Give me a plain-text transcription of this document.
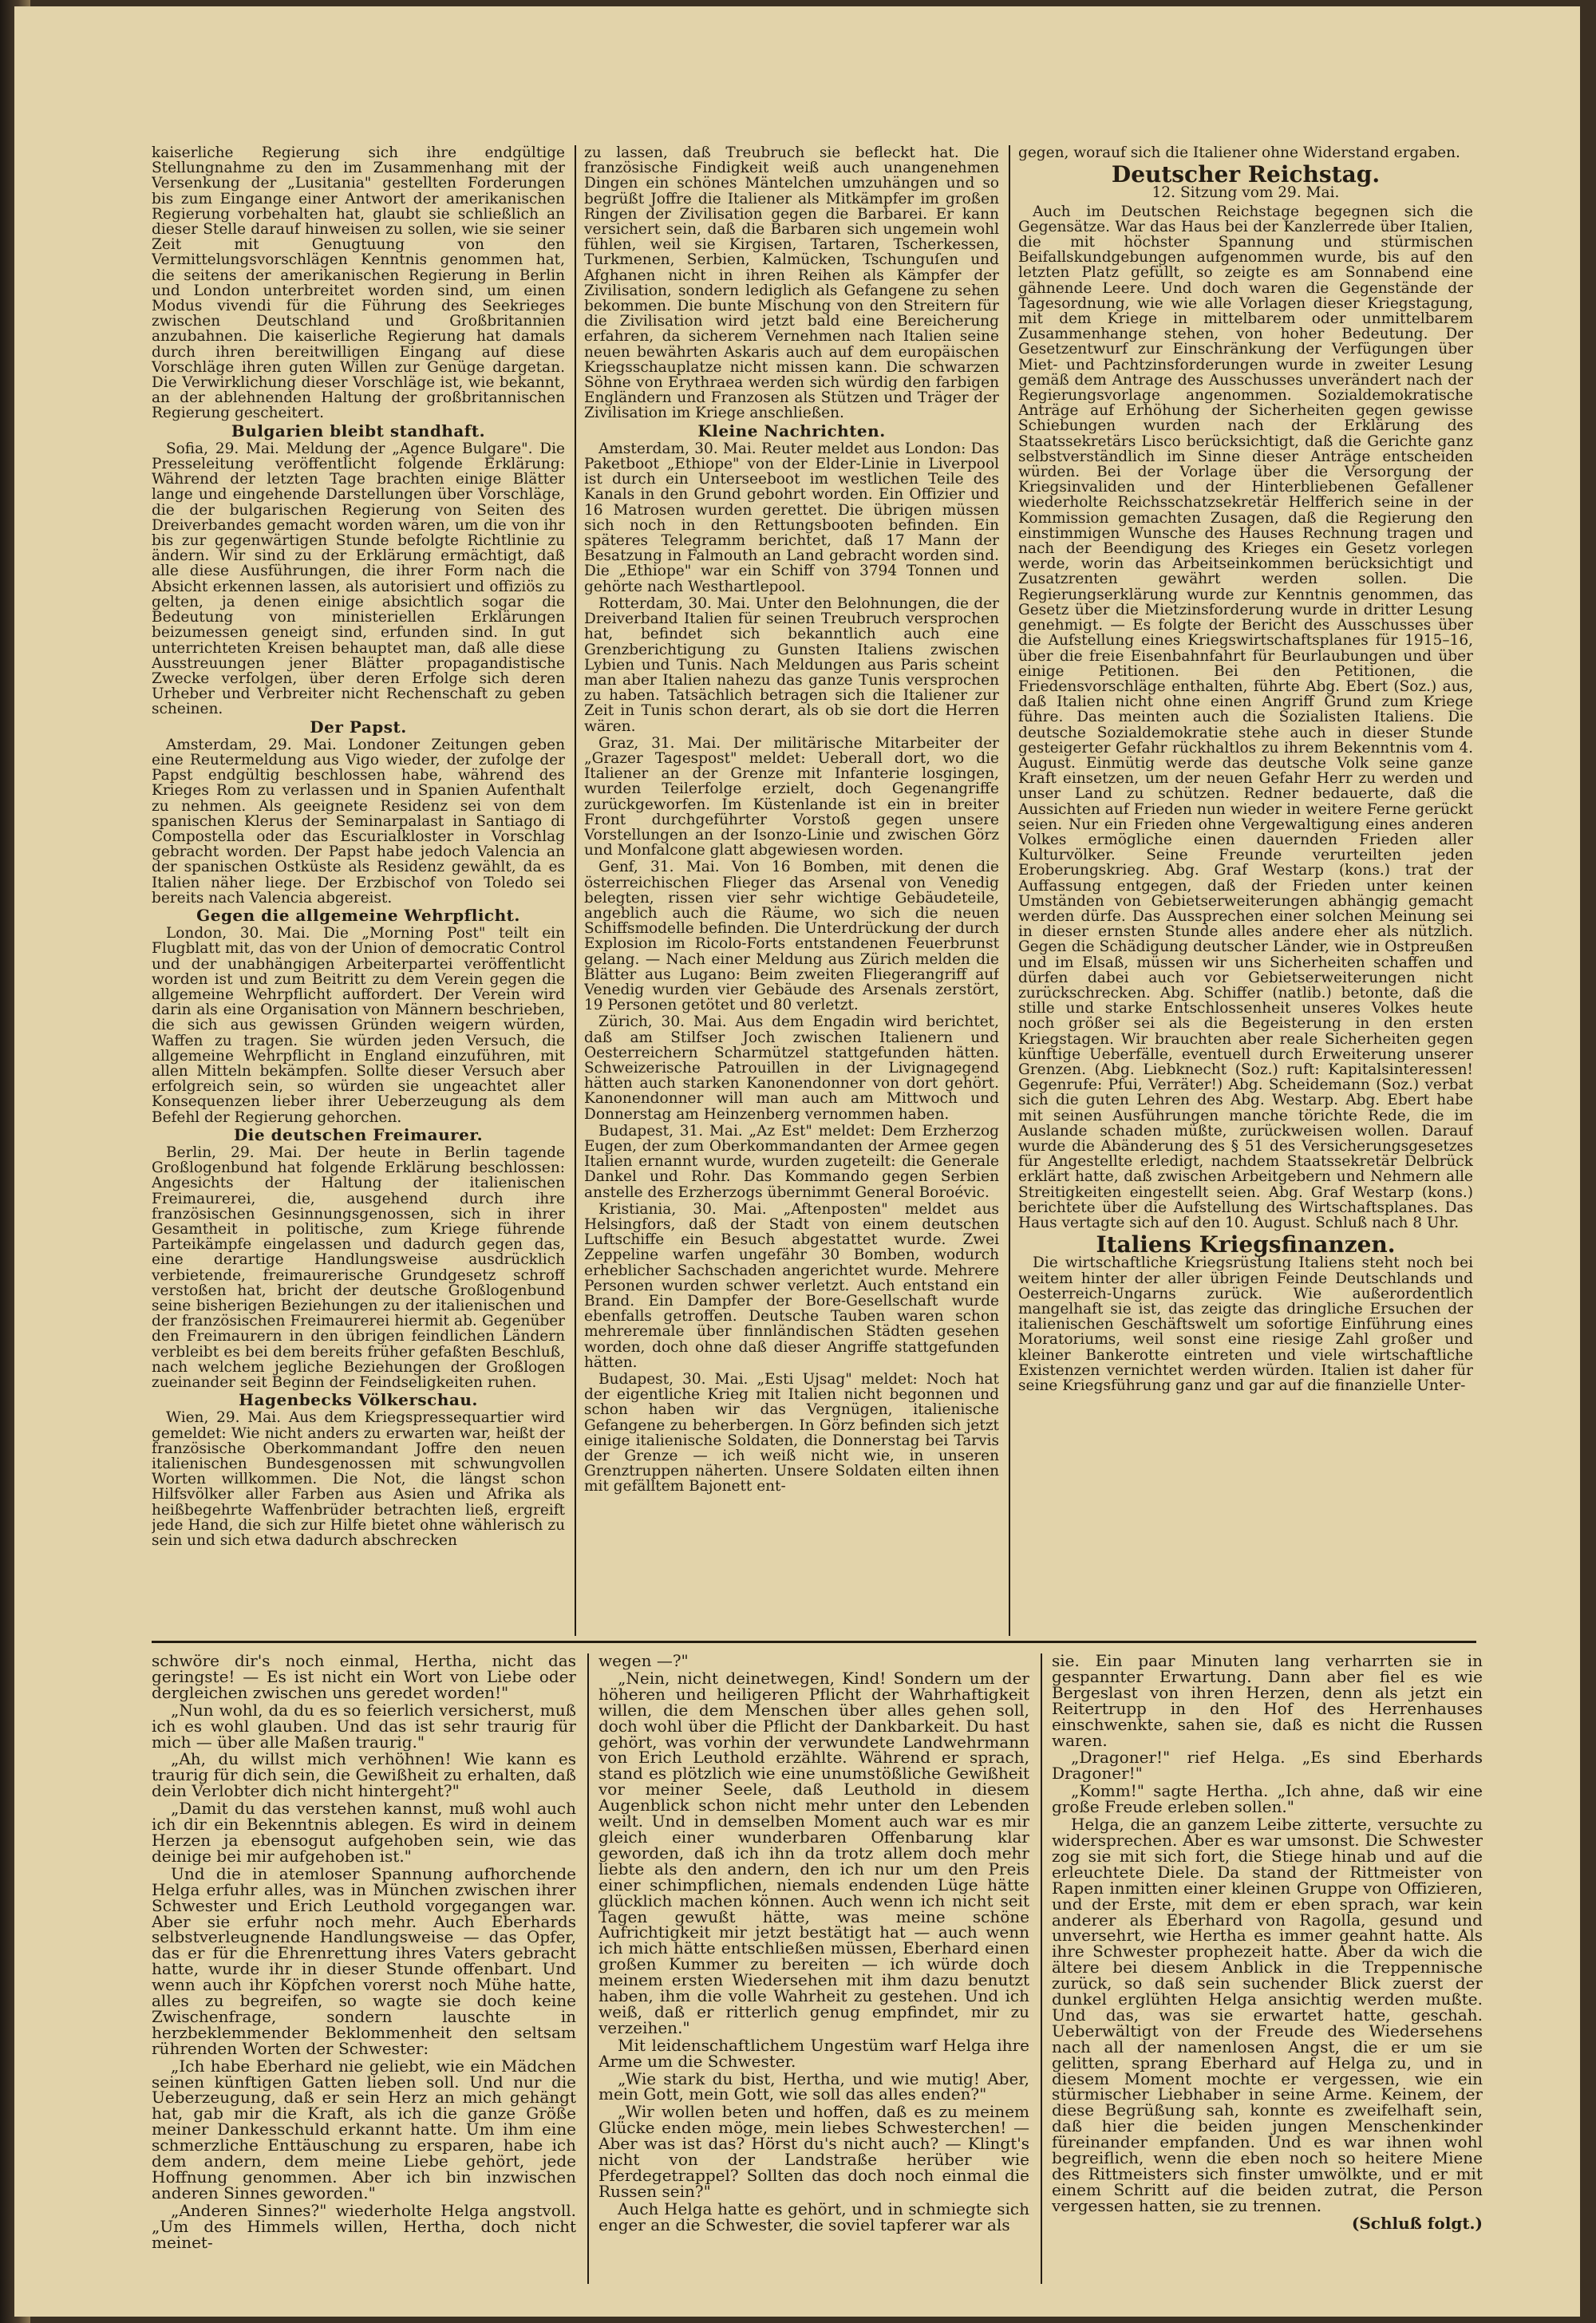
kaiserliche Regierung sich ihre endgültige Stellungnahme zu den im Zusammenhang mit der Versenkung der „Lusitania" gestellten Forderungen bis zum Eingange einer Antwort der amerikanischen Regierung vorbehalten hat, glaubt sie schließlich an dieser Stelle darauf hinweisen zu sollen, wie sie seiner Zeit mit Genugtuung von den Vermittelungsvorschlägen Kenntnis genommen hat, die seitens der amerikanischen Regierung in Berlin und London unterbreitet worden sind, um einen Modus vivendi für die Führung des Seekrieges zwischen Deutschland und Großbritannien anzubahnen. Die kaiserliche Regierung hat damals durch ihren bereitwilligen Eingang auf diese Vorschläge ihren guten Willen zur Genüge dargetan. Die Verwirklichung dieser Vorschläge ist, wie bekannt, an der ablehnenden Haltung der großbritannischen Regierung gescheitert.

Bulgarien bleibt standhaft.

Sofia, 29. Mai. Meldung der „Agence Bulgare". Die Presseleitung veröffentlicht folgende Erklärung: Während der letzten Tage brachten einige Blätter lange und eingehende Darstellungen über Vorschläge, die der bulgarischen Regierung von Seiten des Dreiverbandes gemacht worden wären, um die von ihr bis zur gegenwärtigen Stunde befolgte Richtlinie zu ändern. Wir sind zu der Erklärung ermächtigt, daß alle diese Ausführungen, die ihrer Form nach die Absicht erkennen lassen, als autorisiert und offiziös zu gelten, ja denen einige absichtlich sogar die Bedeutung von ministeriellen Erklärungen beizumessen geneigt sind, erfunden sind. In gut unterrichteten Kreisen behauptet man, daß alle diese Ausstreuungen jener Blätter propagandistische Zwecke verfolgen, über deren Erfolge sich deren Urheber und Verbreiter nicht Rechenschaft zu geben scheinen.

Der Papst.

Amsterdam, 29. Mai. Londoner Zeitungen geben eine Reutermeldung aus Vigo wieder, der zufolge der Papst endgültig beschlossen habe, während des Krieges Rom zu verlassen und in Spanien Aufenthalt zu nehmen. Als geeignete Residenz sei von dem spanischen Klerus der Seminarpalast in Santiago di Compostella oder das Escurialkloster in Vorschlag gebracht worden. Der Papst habe jedoch Valencia an der spanischen Ostküste als Residenz gewählt, da es Italien näher liege. Der Erzbischof von Toledo sei bereits nach Valencia abgereist.

Gegen die allgemeine Wehrpflicht.

London, 30. Mai. Die „Morning Post" teilt ein Flugblatt mit, das von der Union of democratic Control und der unabhängigen Arbeiterpartei veröffentlicht worden ist und zum Beitritt zu dem Verein gegen die allgemeine Wehrpflicht auffordert. Der Verein wird darin als eine Organisation von Männern beschrieben, die sich aus gewissen Gründen weigern würden, Waffen zu tragen. Sie würden jeden Versuch, die allgemeine Wehrpflicht in England einzuführen, mit allen Mitteln bekämpfen. Sollte dieser Versuch aber erfolgreich sein, so würden sie ungeachtet aller Konsequenzen lieber ihrer Ueberzeugung als dem Befehl der Regierung gehorchen.

Die deutschen Freimaurer.

Berlin, 29. Mai. Der heute in Berlin tagende Großlogenbund hat folgende Erklärung beschlossen: Angesichts der Haltung der italienischen Freimaurerei, die, ausgehend durch ihre französischen Gesinnungsgenossen, sich in ihrer Gesamtheit in politische, zum Kriege führende Parteikämpfe eingelassen und dadurch gegen das, eine derartige Handlungsweise ausdrücklich verbietende, freimaurerische Grundgesetz schroff verstoßen hat, bricht der deutsche Großlogenbund seine bisherigen Beziehungen zu der italienischen und der französischen Freimaurerei hiermit ab. Gegenüber den Freimaurern in den übrigen feindlichen Ländern verbleibt es bei dem bereits früher gefaßten Beschluß, nach welchem jegliche Beziehungen der Großlogen zueinander seit Beginn der Feindseligkeiten ruhen.

Hagenbecks Völkerschau.

Wien, 29. Mai. Aus dem Kriegspressequartier wird gemeldet: Wie nicht anders zu erwarten war, heißt der französische Oberkommandant Joffre den neuen italienischen Bundesgenossen mit schwungvollen Worten willkommen. Die Not, die längst schon Hilfsvölker aller Farben aus Asien und Afrika als heißbegehrte Waffenbrüder betrachten ließ, ergreift jede Hand, die sich zur Hilfe bietet ohne wählerisch zu sein und sich etwa dadurch abschrecken

zu lassen, daß Treubruch sie befleckt hat. Die französische Findigkeit weiß auch unangenehmen Dingen ein schönes Mäntelchen umzuhängen und so begrüßt Joffre die Italiener als Mitkämpfer im großen Ringen der Zivilisation gegen die Barbarei. Er kann versichert sein, daß die Barbaren sich ungemein wohl fühlen, weil sie Kirgisen, Tartaren, Tscherkessen, Turkmenen, Serbien, Kalmücken, Tschunguſen und Afghanen nicht in ihren Reihen als Kämpfer der Zivilisation, sondern lediglich als Gefangene zu sehen bekommen. Die bunte Mischung von den Streitern für die Zivilisation wird jetzt bald eine Bereicherung erfahren, da sicherem Vernehmen nach Italien seine neuen bewährten Askaris auch auf dem europäischen Kriegsschauplatze nicht missen kann. Die schwarzen Söhne von Erythraea werden sich würdig den farbigen Engländern und Franzosen als Stützen und Träger der Zivilisation im Kriege anschließen.

Kleine Nachrichten.

Amsterdam, 30. Mai. Reuter meldet aus London: Das Paketboot „Ethiope" von der Elder-Linie in Liverpool ist durch ein Unterseeboot im westlichen Teile des Kanals in den Grund gebohrt worden. Ein Offizier und 16 Matrosen wurden gerettet. Die übrigen müssen sich noch in den Rettungsbooten befinden. Ein späteres Telegramm berichtet, daß 17 Mann der Besatzung in Falmouth an Land gebracht worden sind. Die „Ethiope" war ein Schiff von 3794 Tonnen und gehörte nach Westhartlepool.

Rotterdam, 30. Mai. Unter den Belohnungen, die der Dreiverband Italien für seinen Treubruch versprochen hat, befindet sich bekanntlich auch eine Grenzberichtigung zu Gunsten Italiens zwischen Lybien und Tunis. Nach Meldungen aus Paris scheint man aber Italien nahezu das ganze Tunis versprochen zu haben. Tatsächlich betragen sich die Italiener zur Zeit in Tunis schon derart, als ob sie dort die Herren wären.

Graz, 31. Mai. Der militärische Mitarbeiter der „Grazer Tagespost" meldet: Ueberall dort, wo die Italiener an der Grenze mit Infanterie losgingen, wurden Teilerfolge erzielt, doch Gegenangriffe zurückgeworfen. Im Küstenlande ist ein in breiter Front durchgeführter Vorstoß gegen unsere Vorstellungen an der Isonzo-Linie und zwischen Görz und Monfalcone glatt abgewiesen worden.

Genf, 31. Mai. Von 16 Bomben, mit denen die österreichischen Flieger das Arsenal von Venedig belegten, rissen vier sehr wichtige Gebäudeteile, angeblich auch die Räume, wo sich die neuen Schiffsmodelle befinden. Die Unterdrückung der durch Explosion im Ricolo-Forts entstandenen Feuerbrunst gelang. — Nach einer Meldung aus Zürich melden die Blätter aus Lugano: Beim zweiten Fliegerangriff auf Venedig wurden vier Gebäude des Arsenals zerstört, 19 Personen getötet und 80 verletzt.

Zürich, 30. Mai. Aus dem Engadin wird berichtet, daß am Stilfser Joch zwischen Italienern und Oesterreichern Scharmützel stattgefunden hätten. Schweizerische Patrouillen in der Livignagegend hätten auch starken Kanonendonner von dort gehört. Kanonendonner will man auch am Mittwoch und Donnerstag am Heinzenberg vernommen haben.

Budapest, 31. Mai. „Az Est" meldet: Dem Erzherzog Eugen, der zum Oberkommandanten der Armee gegen Italien ernannt wurde, wurden zugeteilt: die Generale Dankel und Rohr. Das Kommando gegen Serbien anstelle des Erzherzogs übernimmt General Boroévic.

Kristiania, 30. Mai. „Aftenposten" meldet aus Helsingfors, daß der Stadt von einem deutschen Luftschiffe ein Besuch abgestattet wurde. Zwei Zeppeline warfen ungefähr 30 Bomben, wodurch erheblicher Sachschaden angerichtet wurde. Mehrere Personen wurden schwer verletzt. Auch entstand ein Brand. Ein Dampfer der Bore-Gesellschaft wurde ebenfalls getroffen. Deutsche Tauben waren schon mehreremale über finnländischen Städten gesehen worden, doch ohne daß dieser Angriffe stattgefunden hätten.

Budapest, 30. Mai. „Esti Ujsag" meldet: Noch hat der eigentliche Krieg mit Italien nicht begonnen und schon haben wir das Vergnügen, italienische Gefangene zu beherbergen. In Görz befinden sich jetzt einige italienische Soldaten, die Donnerstag bei Tarvis der Grenze — ich weiß nicht wie, in unseren Grenztruppen näherten. Unsere Soldaten eilten ihnen mit gefälltem Bajonett ent-

gegen, worauf sich die Italiener ohne Widerstand ergaben.

Deutscher Reichstag.

12. Sitzung vom 29. Mai.

Auch im Deutschen Reichstage begegnen sich die Gegensätze. War das Haus bei der Kanzlerrede über Italien, die mit höchster Spannung und stürmischen Beifallskundgebungen aufgenommen wurde, bis auf den letzten Platz gefüllt, so zeigte es am Sonnabend eine gähnende Leere. Und doch waren die Gegenstände der Tagesordnung, wie wie alle Vorlagen dieser Kriegstagung, mit dem Kriege in mittelbarem oder unmittelbarem Zusammenhange stehen, von hoher Bedeutung. Der Gesetzentwurf zur Einschränkung der Verfügungen über Miet- und Pachtzinsforderungen wurde in zweiter Lesung gemäß dem Antrage des Ausschusses unverändert nach der Regierungsvorlage angenommen. Sozialdemokratische Anträge auf Erhöhung der Sicherheiten gegen gewisse Schiebungen wurden nach der Erklärung des Staatssekretärs Lisco berücksichtigt, daß die Gerichte ganz selbstverständlich im Sinne dieser Anträge entscheiden würden. Bei der Vorlage über die Versorgung der Kriegsinvaliden und der Hinterbliebenen Gefallener wiederholte Reichsschatzsekretär Helfferich seine in der Kommission gemachten Zusagen, daß die Regierung den einstimmigen Wunsche des Hauses Rechnung tragen und nach der Beendigung des Krieges ein Gesetz vorlegen werde, worin das Arbeitseinkommen berücksichtigt und Zusatzrenten gewährt werden sollen. Die Regierungserklärung wurde zur Kenntnis genommen, das Gesetz über die Mietzinsforderung wurde in dritter Lesung genehmigt. — Es folgte der Bericht des Ausschusses über die Aufstellung eines Kriegswirtschaftsplanes für 1915–16, über die freie Eisenbahnfahrt für Beurlaubungen und über einige Petitionen. Bei den Petitionen, die Friedensvorschläge enthalten, führte Abg. Ebert (Soz.) aus, daß Italien nicht ohne einen Angriff Grund zum Kriege führe. Das meinten auch die Sozialisten Italiens. Die deutsche Sozialdemokratie stehe auch in dieser Stunde gesteigerter Gefahr rückhaltlos zu ihrem Bekenntnis vom 4. August. Einmütig werde das deutsche Volk seine ganze Kraft einsetzen, um der neuen Gefahr Herr zu werden und unser Land zu schützen. Redner bedauerte, daß die Aussichten auf Frieden nun wieder in weitere Ferne gerückt seien. Nur ein Frieden ohne Vergewaltigung eines anderen Volkes ermögliche einen dauernden Frieden aller Kulturvölker. Seine Freunde verurteilten jeden Eroberungskrieg. Abg. Graf Westarp (kons.) trat der Auffassung entgegen, daß der Frieden unter keinen Umständen von Gebietserweiterungen abhängig gemacht werden dürfe. Das Aussprechen einer solchen Meinung sei in dieser ernsten Stunde alles andere eher als nützlich. Gegen die Schädigung deutscher Länder, wie in Ostpreußen und im Elsaß, müssen wir uns Sicherheiten schaffen und dürfen dabei auch vor Gebietserweiterungen nicht zurückschrecken. Abg. Schiffer (natlib.) betonte, daß die stille und starke Entschlossenheit unseres Volkes heute noch größer sei als die Begeisterung in den ersten Kriegstagen. Wir brauchten aber reale Sicherheiten gegen künftige Ueberfälle, eventuell durch Erweiterung unserer Grenzen. (Abg. Liebknecht (Soz.) ruft: Kapitalsinteressen! Gegenrufe: Pfui, Verräter!) Abg. Scheidemann (Soz.) verbat sich die guten Lehren des Abg. Westarp. Abg. Ebert habe mit seinen Ausführungen manche törichte Rede, die im Auslande schaden müßte, zurückweisen wollen. Darauf wurde die Abänderung des § 51 des Versicherungsgesetzes für Angestellte erledigt, nachdem Staatssekretär Delbrück erklärt hatte, daß zwischen Arbeitgebern und Nehmern alle Streitigkeiten eingestellt seien. Abg. Graf Westarp (kons.) berichtete über die Aufstellung des Wirtschaftsplanes. Das Haus vertagte sich auf den 10. August. Schluß nach 8 Uhr.

Italiens Kriegsfinanzen.

Die wirtschaftliche Kriegsrüstung Italiens steht noch bei weitem hinter der aller übrigen Feinde Deutschlands und Oesterreich-Ungarns zurück. Wie außerordentlich mangelhaft sie ist, das zeigte das dringliche Ersuchen der italienischen Geschäftswelt um sofortige Einführung eines Moratoriums, weil sonst eine riesige Zahl großer und kleiner Bankerotte eintreten und viele wirtschaftliche Existenzen vernichtet werden würden. Italien ist daher für seine Kriegsführung ganz und gar auf die finanzielle Unter-

schwöre dir's noch einmal, Hertha, nicht das geringste! — Es ist nicht ein Wort von Liebe oder dergleichen zwischen uns geredet worden!"

„Nun wohl, da du es so feierlich versicherst, muß ich es wohl glauben. Und das ist sehr traurig für mich — über alle Maßen traurig."

„Ah, du willst mich verhöhnen! Wie kann es traurig für dich sein, die Gewißheit zu erhalten, daß dein Verlobter dich nicht hintergeht?"

„Damit du das verstehen kannst, muß wohl auch ich dir ein Bekenntnis ablegen. Es wird in deinem Herzen ja ebensogut aufgehoben sein, wie das deinige bei mir aufgehoben ist."

Und die in atemloser Spannung aufhorchende Helga erfuhr alles, was in München zwischen ihrer Schwester und Erich Leuthold vorgegangen war. Aber sie erfuhr noch mehr. Auch Eberhards selbstverleugnende Handlungsweise — das Opfer, das er für die Ehrenrettung ihres Vaters gebracht hatte, wurde ihr in dieser Stunde offenbart. Und wenn auch ihr Köpfchen vorerst noch Mühe hatte, alles zu begreifen, so wagte sie doch keine Zwischenfrage, sondern lauschte in herzbeklemmender Beklommenheit den seltsam rührenden Worten der Schwester:

„Ich habe Eberhard nie geliebt, wie ein Mädchen seinen künftigen Gatten lieben soll. Und nur die Ueberzeugung, daß er sein Herz an mich gehängt hat, gab mir die Kraft, als ich die ganze Größe meiner Dankesschuld erkannt hatte. Um ihm eine schmerzliche Enttäuschung zu ersparen, habe ich dem andern, dem meine Liebe gehört, jede Hoffnung genommen. Aber ich bin inzwischen anderen Sinnes geworden."

„Anderen Sinnes?" wiederholte Helga angstvoll. „Um des Himmels willen, Hertha, doch nicht meinet-

wegen —?"

„Nein, nicht deinetwegen, Kind! Sondern um der höheren und heiligeren Pflicht der Wahrhaftigkeit willen, die dem Menschen über alles gehen soll, doch wohl über die Pflicht der Dankbarkeit. Du hast gehört, was vorhin der verwundete Landwehrmann von Erich Leuthold erzählte. Während er sprach, stand es plötzlich wie eine unumstößliche Gewißheit vor meiner Seele, daß Leuthold in diesem Augenblick schon nicht mehr unter den Lebenden weilt. Und in demselben Moment auch war es mir gleich einer wunderbaren Offenbarung klar geworden, daß ich ihn da trotz allem doch mehr liebte als den andern, den ich nur um den Preis einer schimpflichen, niemals endenden Lüge hätte glücklich machen können. Auch wenn ich nicht seit Tagen gewußt hätte, was meine schöne Aufrichtigkeit mir jetzt bestätigt hat — auch wenn ich mich hätte entschließen müssen, Eberhard einen großen Kummer zu bereiten — ich würde doch meinem ersten Wiedersehen mit ihm dazu benutzt haben, ihm die volle Wahrheit zu gestehen. Und ich weiß, daß er ritterlich genug empfindet, mir zu verzeihen."

Mit leidenschaftlichem Ungestüm warf Helga ihre Arme um die Schwester.

„Wie stark du bist, Hertha, und wie mutig! Aber, mein Gott, mein Gott, wie soll das alles enden?"

„Wir wollen beten und hoffen, daß es zu meinem Glücke enden möge, mein liebes Schwesterchen! — Aber was ist das? Hörst du's nicht auch? — Klingt's nicht von der Landstraße herüber wie Pferdegetrappel? Sollten das doch noch einmal die Russen sein?"

Auch Helga hatte es gehört, und in schmiegte sich enger an die Schwester, die soviel tapferer war als

sie. Ein paar Minuten lang verharrten sie in gespannter Erwartung. Dann aber fiel es wie Bergeslast von ihren Herzen, denn als jetzt ein Reitertrupp in den Hof des Herrenhauses einschwenkte, sahen sie, daß es nicht die Russen waren.

„Dragoner!" rief Helga. „Es sind Eberhards Dragoner!"

„Komm!" sagte Hertha. „Ich ahne, daß wir eine große Freude erleben sollen."

Helga, die an ganzem Leibe zitterte, versuchte zu widersprechen. Aber es war umsonst. Die Schwester zog sie mit sich fort, die Stiege hinab und auf die erleuchtete Diele. Da stand der Rittmeister von Rapen inmitten einer kleinen Gruppe von Offizieren, und der Erste, mit dem er eben sprach, war kein anderer als Eberhard von Ragolla, gesund und unversehrt, wie Hertha es immer geahnt hatte. Als ihre Schwester prophezeit hatte. Aber da wich die ältere bei diesem Anblick in die Treppennische zurück, so daß sein suchender Blick zuerst der dunkel erglühten Helga ansichtig werden mußte. Und das, was sie erwartet hatte, geschah. Ueberwältigt von der Freude des Wiedersehens nach all der namenlosen Angst, die er um sie gelitten, sprang Eberhard auf Helga zu, und in diesem Moment mochte er vergessen, wie ein stürmischer Liebhaber in seine Arme. Keinem, der diese Begrüßung sah, konnte es zweifelhaft sein, daß hier die beiden jungen Menschenkinder füreinander empfanden. Und es war ihnen wohl begreiflich, wenn die eben noch so heitere Miene des Rittmeisters sich finster umwölkte, und er mit einem Schritt auf die beiden zutrat, die Person vergessen hatten, sie zu trennen.

(Schluß folgt.)
